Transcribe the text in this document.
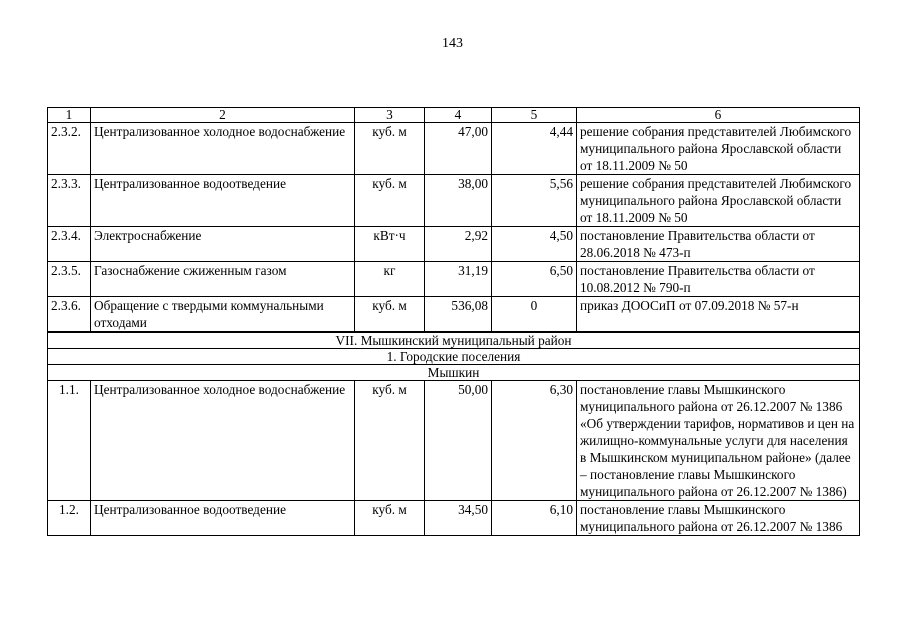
143
1	2	3	4	5	6
2.3.2.	Централизованное холодное водоснабжение	куб. м	47,00	4,44	решение собрания представителей Любимского муниципального района Ярославской области от 18.11.2009 № 50
2.3.3.	Централизованное водоотведение	куб. м	38,00	5,56	решение собрания представителей Любимского муниципального района Ярославской области от 18.11.2009 № 50
2.3.4.	Электроснабжение	кВт·ч	2,92	4,50	постановление Правительства области от 28.06.2018 № 473-п
2.3.5.	Газоснабжение сжиженным газом	кг	31,19	6,50	постановление Правительства области от 10.08.2012 № 790-п
2.3.6.	Обращение с твердыми коммунальными отходами	куб. м	536,08	0	приказ ДООСиП от 07.09.2018 № 57-н
VII. Мышкинский муниципальный район					
1. Городские поселения					
Мышкин					
1.1.	Централизованное холодное водоснабжение	куб. м	50,00	6,30	постановление главы Мышкинского муниципального района от 26.12.2007 № 1386 «Об утверждении тарифов, нормативов и цен на жилищно-коммунальные услуги для населения в Мышкинском муниципальном районе» (далее – постановление главы Мышкинского муниципального района от 26.12.2007 № 1386)
1.2.	Централизованное водоотведение	куб. м	34,50	6,10	постановление главы Мышкинского муниципального района от 26.12.2007 № 1386
